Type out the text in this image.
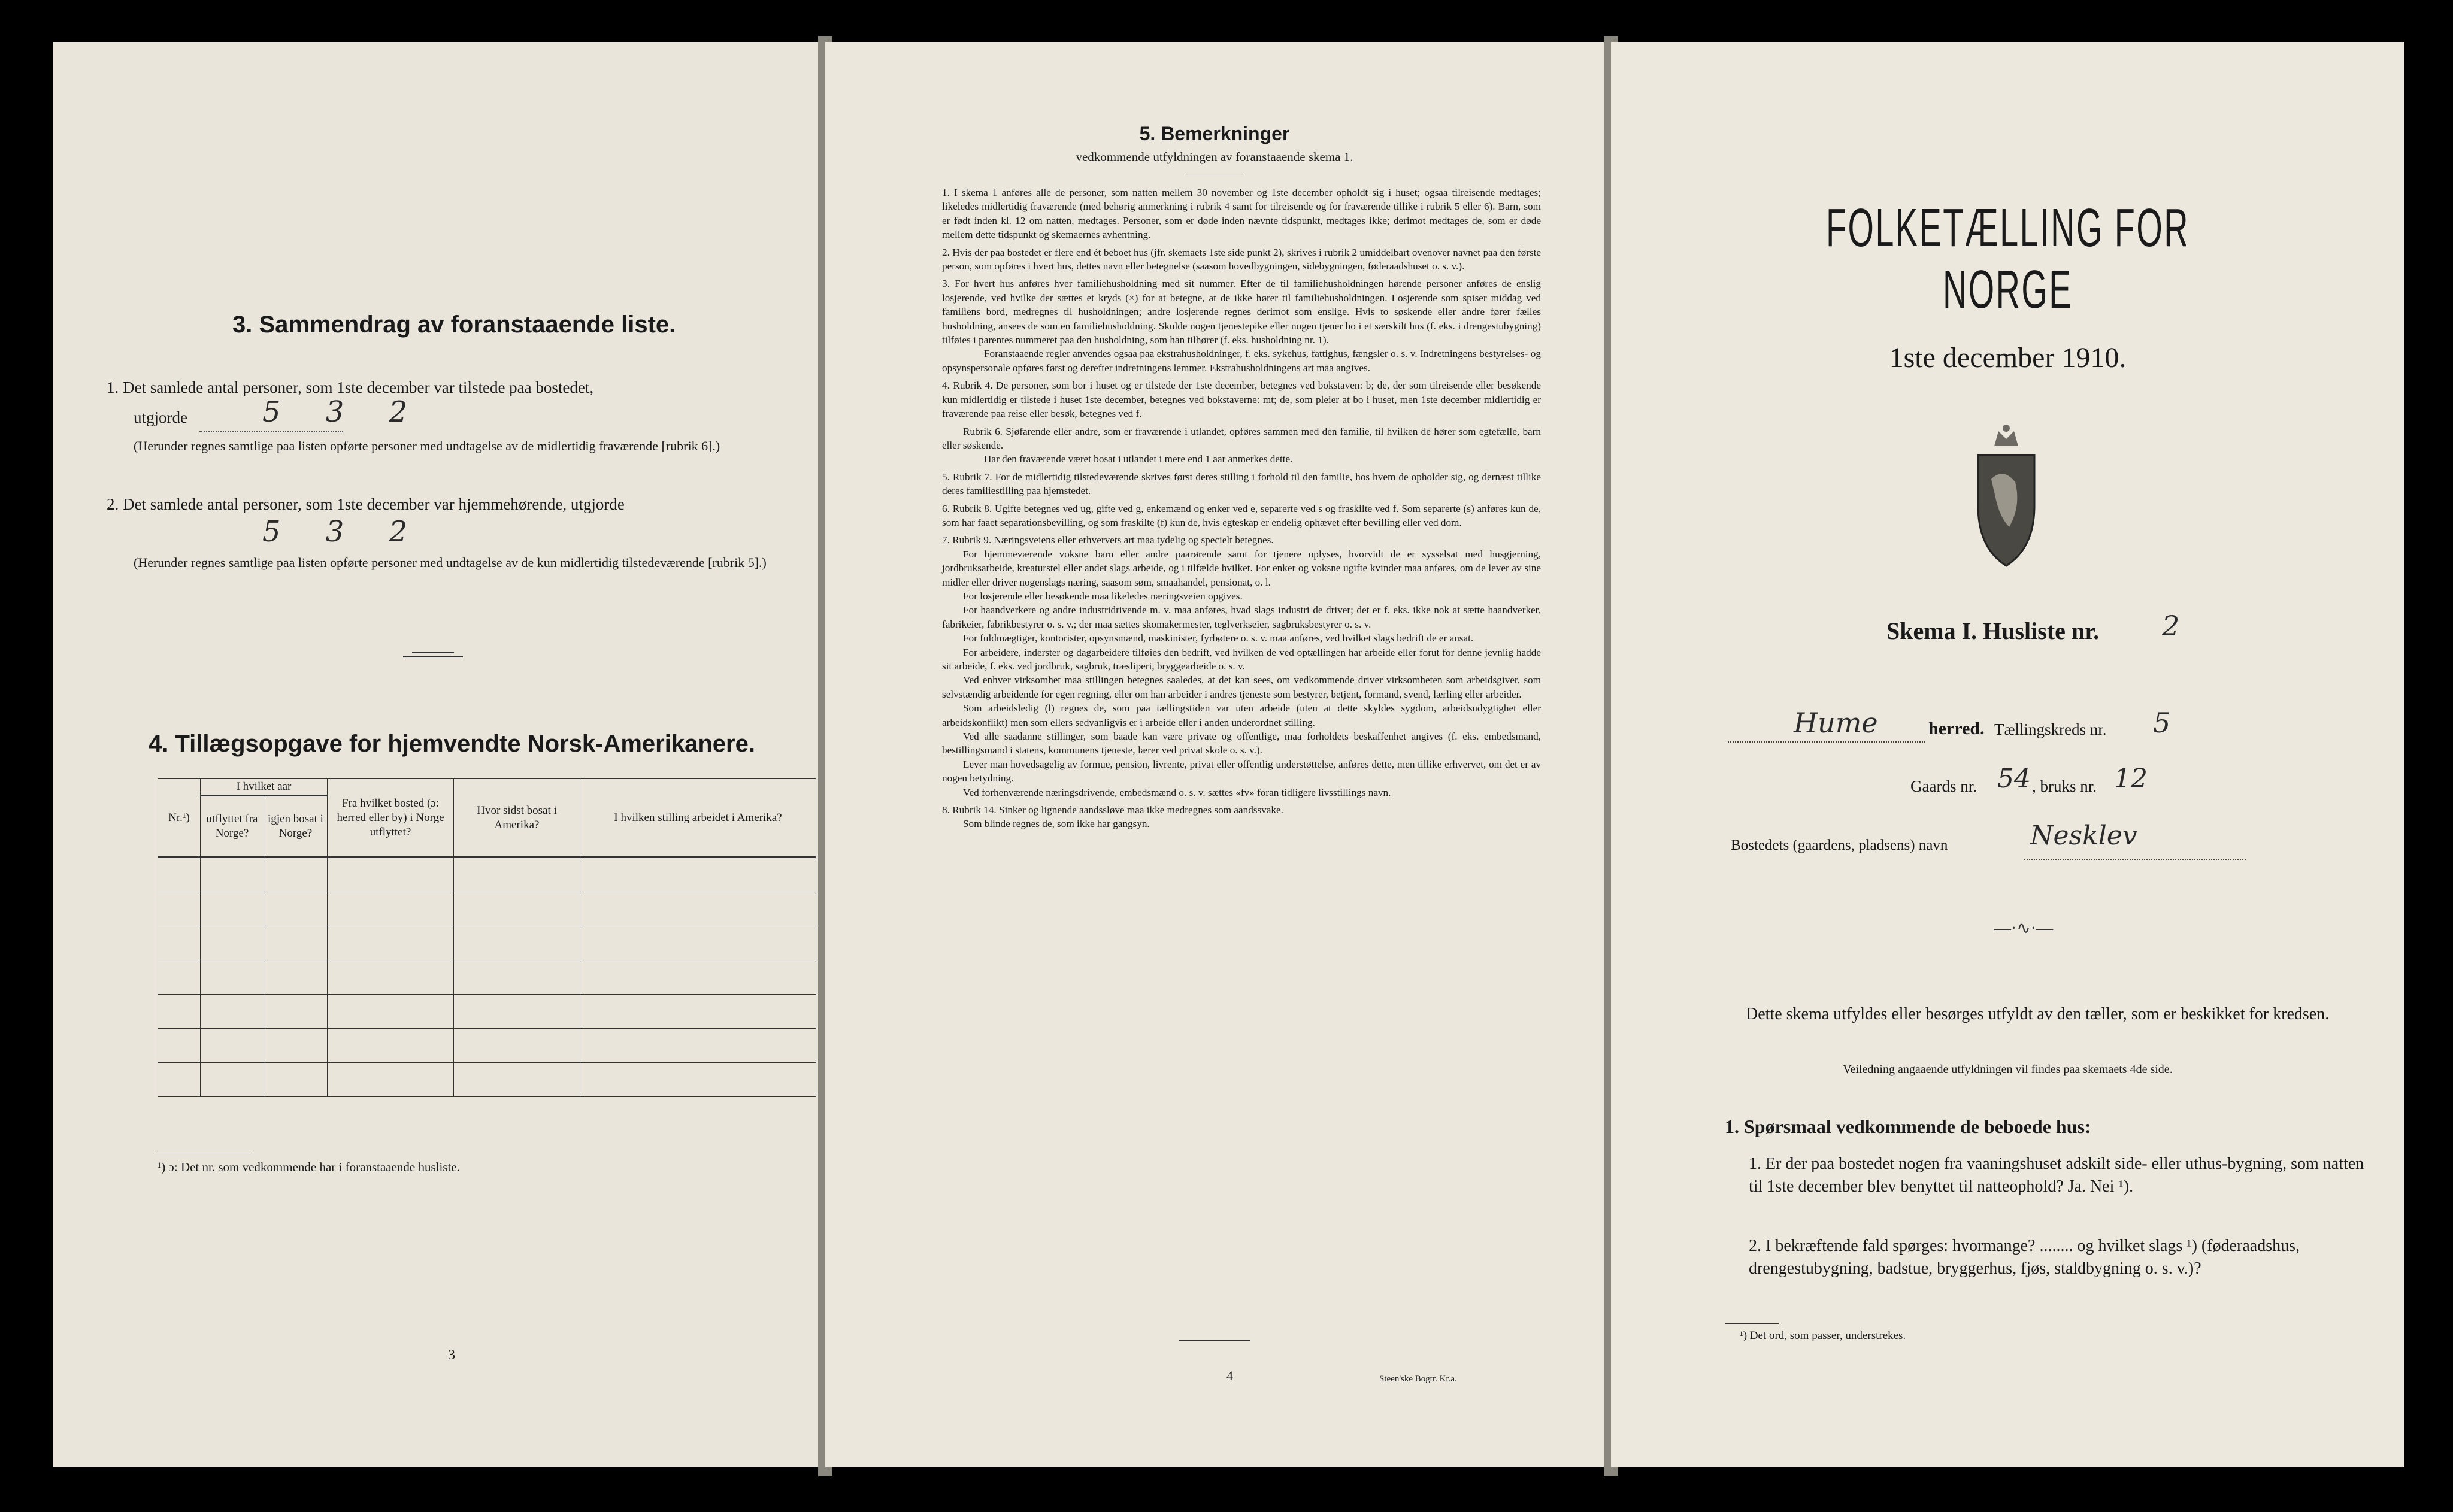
3. Sammendrag av foranstaaende liste.
1. Det samlede antal personer, som 1ste december var tilstede paa bostedet,
utgjorde	5 3 2
(Herunder regnes samtlige paa listen opførte personer med undtagelse av de midlertidig fraværende [rubrik 6].)
2. Det samlede antal personer, som 1ste december var hjemmehørende, utgjorde
5 3 2
(Herunder regnes samtlige paa listen opførte personer med undtagelse av de kun midlertidig tilstedeværende [rubrik 5].)
4. Tillægsopgave for hjemvendte Norsk-Amerikanere.
Nr.¹)	I hvilket aar		Fra hvilket bosted (ɔ: herred eller by) i Norge utflyttet?	Hvor sidst bosat i Amerika?	I hvilken stilling arbeidet i Amerika?
	utflyttet fra Norge?	igjen bosat i Norge?			

¹) ɔ: Det nr. som vedkommende har i foranstaaende husliste.
3
5. Bemerkninger
vedkommende utfyldningen av foranstaaende skema 1.
1. I skema 1 anføres alle de personer, som natten mellem 30 november og 1ste december opholdt sig i huset; ogsaa tilreisende medtages; likeledes midlertidig fraværende (med behørig anmerkning i rubrik 4 samt for tilreisende og for fraværende tillike i rubrik 5 eller 6). Barn, som er født inden kl. 12 om natten, medtages. Personer, som er døde inden nævnte tidspunkt, medtages ikke; derimot medtages de, som er døde mellem dette tidspunkt og skemaernes avhentning.
2. Hvis der paa bostedet er flere end ét beboet hus (jfr. skemaets 1ste side punkt 2), skrives i rubrik 2 umiddelbart ovenover navnet paa den første person, som opføres i hvert hus, dettes navn eller betegnelse (saasom hovedbygningen, sidebygningen, føderaadshuset o. s. v.).
3. For hvert hus anføres hver familiehusholdning med sit nummer. Efter de til familiehusholdningen hørende personer anføres de enslig losjerende, ved hvilke der sættes et kryds (×) for at betegne, at de ikke hører til familiehusholdningen. Losjerende som spiser middag ved familiens bord, medregnes til husholdningen; andre losjerende regnes derimot som enslige. Hvis to søskende eller andre fører fælles husholdning, ansees de som en familiehusholdning. Skulde nogen tjenestepike eller nogen tjener bo i et særskilt hus (f. eks. i drengestubygning) tilføies i parentes nummeret paa den husholdning, som han tilhører (f. eks. husholdning nr. 1).
Foranstaaende regler anvendes ogsaa paa ekstrahusholdninger, f. eks. sykehus, fattighus, fængsler o. s. v. Indretningens bestyrelses- og opsynspersonale opføres først og derefter indretningens lemmer. Ekstrahusholdningens art maa angives.
4. Rubrik 4. De personer, som bor i huset og er tilstede der 1ste december, betegnes ved bokstaven: b; de, der som tilreisende eller besøkende kun midlertidig er tilstede i huset 1ste december, betegnes ved bokstaverne: mt; de, som pleier at bo i huset, men 1ste december midlertidig er fraværende paa reise eller besøk, betegnes ved f.
Rubrik 6. Sjøfarende eller andre, som er fraværende i utlandet, opføres sammen med den familie, til hvilken de hører som egtefælle, barn eller søskende.
Har den fraværende været bosat i utlandet i mere end 1 aar anmerkes dette.
5. Rubrik 7. For de midlertidig tilstedeværende skrives først deres stilling i forhold til den familie, hos hvem de opholder sig, og dernæst tillike deres familiestilling paa hjemstedet.
6. Rubrik 8. Ugifte betegnes ved ug, gifte ved g, enkemænd og enker ved e, separerte ved s og fraskilte ved f. Som separerte (s) anføres kun de, som har faaet separationsbevilling, og som fraskilte (f) kun de, hvis egteskap er endelig ophævet efter bevilling eller ved dom.
7. Rubrik 9. Næringsveiens eller erhvervets art maa tydelig og specielt betegnes.
For hjemmeværende voksne barn eller andre paarørende samt for tjenere oplyses, hvorvidt de er sysselsat med husgjerning, jordbruksarbeide, kreaturstel eller andet slags arbeide, og i tilfælde hvilket. For enker og voksne ugifte kvinder maa anføres, om de lever av sine midler eller driver nogenslags næring, saasom søm, smaahandel, pensionat, o. l.
For losjerende eller besøkende maa likeledes næringsveien opgives.
For haandverkere og andre industridrivende m. v. maa anføres, hvad slags industri de driver; det er f. eks. ikke nok at sætte haandverker, fabrikeier, fabrikbestyrer o. s. v.; der maa sættes skomakermester, teglverkseier, sagbruksbestyrer o. s. v.
For fuldmægtiger, kontorister, opsynsmænd, maskinister, fyrbøtere o. s. v. maa anføres, ved hvilket slags bedrift de er ansat.
For arbeidere, inderster og dagarbeidere tilføies den bedrift, ved hvilken de ved optællingen har arbeide eller forut for denne jevnlig hadde sit arbeide, f. eks. ved jordbruk, sagbruk, træsliperi, bryggearbeide o. s. v.
Ved enhver virksomhet maa stillingen betegnes saaledes, at det kan sees, om vedkommende driver virksomheten som arbeidsgiver, som selvstændig arbeidende for egen regning, eller om han arbeider i andres tjeneste som bestyrer, betjent, formand, svend, lærling eller arbeider.
Som arbeidsledig (l) regnes de, som paa tællingstiden var uten arbeide (uten at dette skyldes sygdom, arbeidsudygtighet eller arbeidskonflikt) men som ellers sedvanligvis er i arbeide eller i anden underordnet stilling.
Ved alle saadanne stillinger, som baade kan være private og offentlige, maa forholdets beskaffenhet angives (f. eks. embedsmand, bestillingsmand i statens, kommunens tjeneste, lærer ved privat skole o. s. v.).
Lever man hovedsagelig av formue, pension, livrente, privat eller offentlig understøttelse, anføres dette, men tillike erhvervet, om det er av nogen betydning.
Ved forhenværende næringsdrivende, embedsmænd o. s. v. sættes «fv» foran tidligere livsstillings navn.
8. Rubrik 14. Sinker og lignende aandssløve maa ikke medregnes som aandssvake.
Som blinde regnes de, som ikke har gangsyn.
4	Steen'ske Bogtr. Kr.a.
FOLKETÆLLING FOR NORGE
1ste december 1910.
Skema I. Husliste nr. 2
Hume	herred. Tællingskreds nr. 5
Gaards nr. 54 , bruks nr. 12
Bostedets (gaardens, pladsens) navn	Nesklev
—·∿·—
Dette skema utfyldes eller besørges utfyldt av den tæller, som er beskikket for kredsen.
Veiledning angaaende utfyldningen vil findes paa skemaets 4de side.
1. Spørsmaal vedkommende de beboede hus:
1. Er der paa bostedet nogen fra vaaningshuset adskilt side- eller uthus-bygning, som natten til 1ste december blev benyttet til natteophold? Ja. Nei ¹).
2. I bekræftende fald spørges: hvormange? ........ og hvilket slags ¹) (føderaadshus, drengestubygning, badstue, bryggerhus, fjøs, staldbygning o. s. v.)?
¹) Det ord, som passer, understrekes.
